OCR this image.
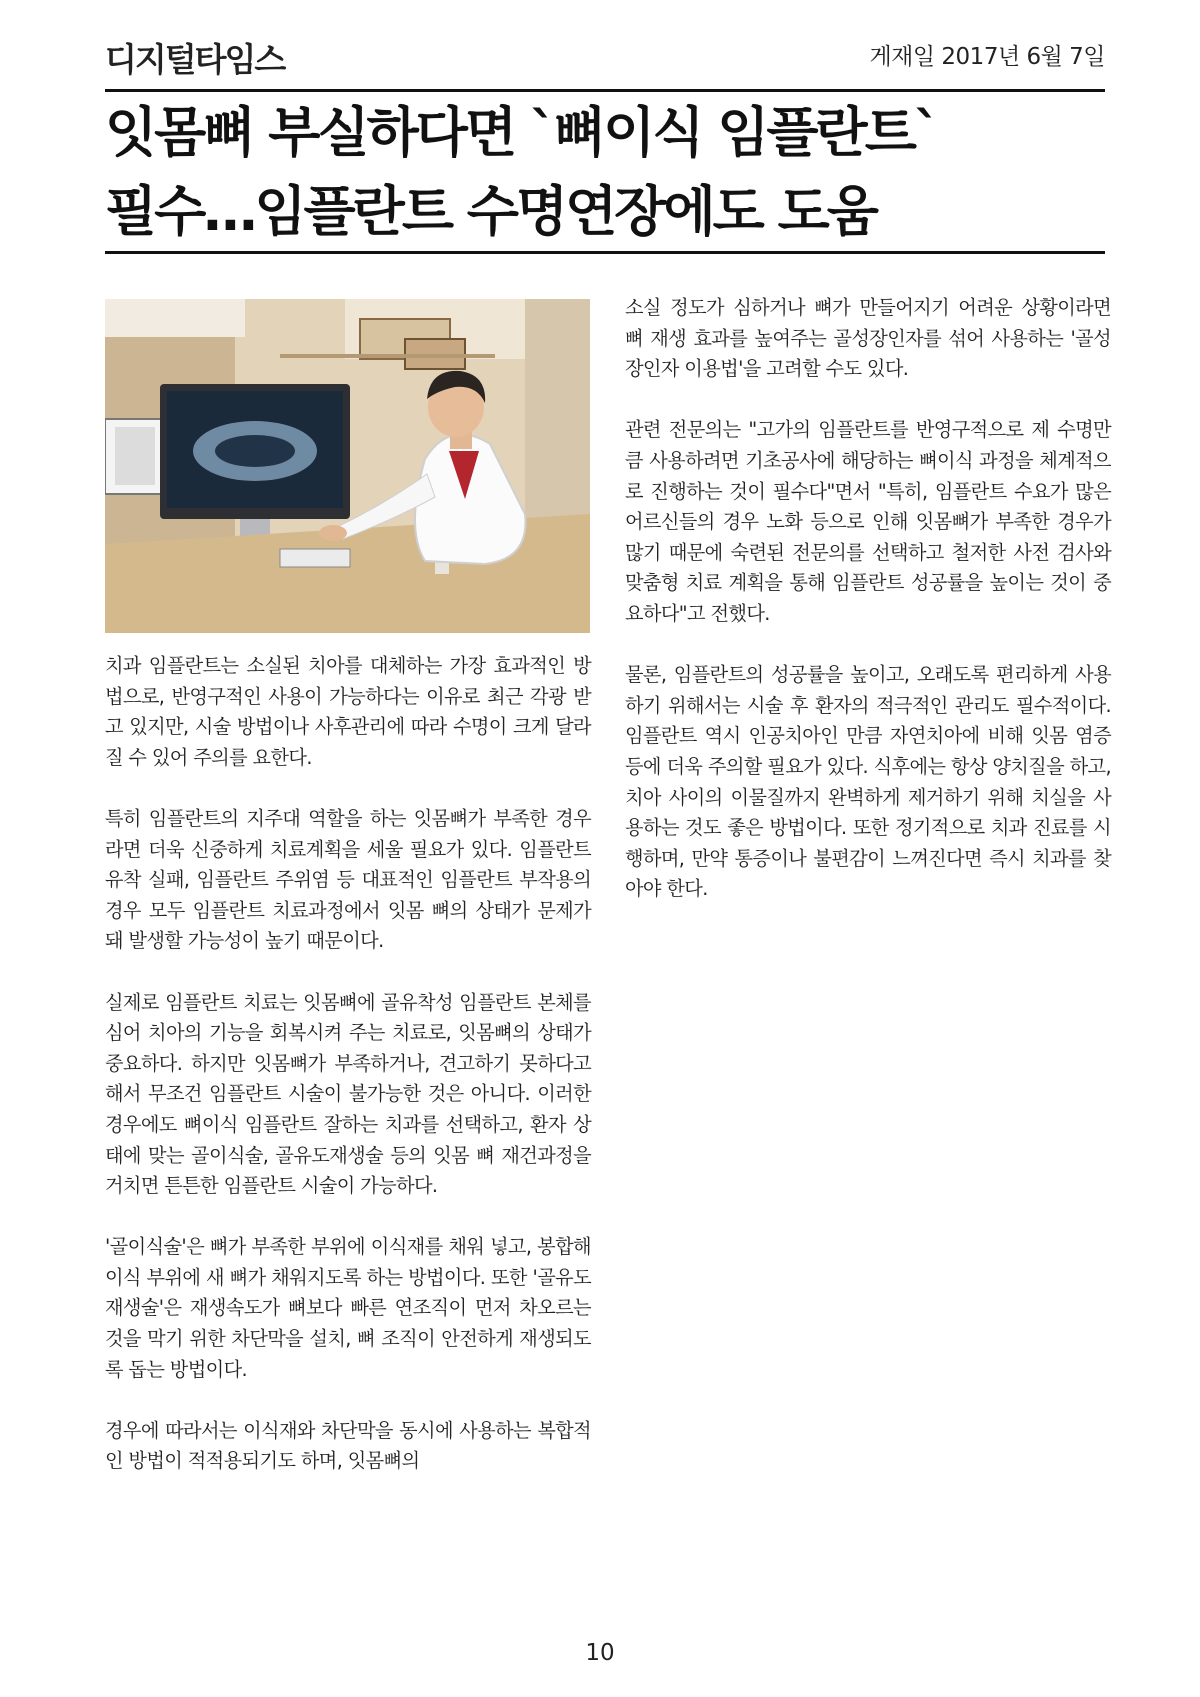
디지털타임스	게재일 2017년 6월 7일
잇몸뼈 부실하다면 `뼈이식 임플란트`
필수…임플란트 수명연장에도 도움

치과 임플란트는 소실된 치아를 대체하는 가장 효과적인 방법으로, 반영구적인 사용이 가능하다는 이유로 최근 각광 받고 있지만, 시술 방법이나 사후관리에 따라 수명이 크게 달라질 수 있어 주의를 요한다.

특히 임플란트의 지주대 역할을 하는 잇몸뼈가 부족한 경우라면 더욱 신중하게 치료계획을 세울 필요가 있다. 임플란트 유착 실패, 임플란트 주위염 등 대표적인 임플란트 부작용의 경우 모두 임플란트 치료과정에서 잇몸 뼈의 상태가 문제가 돼 발생할 가능성이 높기 때문이다.

실제로 임플란트 치료는 잇몸뼈에 골유착성 임플란트 본체를 심어 치아의 기능을 회복시켜 주는 치료로, 잇몸뼈의 상태가 중요하다. 하지만 잇몸뼈가 부족하거나, 견고하기 못하다고 해서 무조건 임플란트 시술이 불가능한 것은 아니다. 이러한 경우에도 뼈이식 임플란트 잘하는 치과를 선택하고, 환자 상태에 맞는 골이식술, 골유도재생술 등의 잇몸 뼈 재건과정을 거치면 튼튼한 임플란트 시술이 가능하다.

'골이식술'은 뼈가 부족한 부위에 이식재를 채워 넣고, 봉합해 이식 부위에 새 뼈가 채워지도록 하는 방법이다. 또한 '골유도재생술'은 재생속도가 뼈보다 빠른 연조직이 먼저 차오르는 것을 막기 위한 차단막을 설치, 뼈 조직이 안전하게 재생되도록 돕는 방법이다.

경우에 따라서는 이식재와 차단막을 동시에 사용하는 복합적인 방법이 적적용되기도 하며, 잇몸뼈의

소실 정도가 심하거나 뼈가 만들어지기 어려운 상황이라면 뼈 재생 효과를 높여주는 골성장인자를 섞어 사용하는 '골성장인자 이용법'을 고려할 수도 있다.

관련 전문의는 "고가의 임플란트를 반영구적으로 제 수명만큼 사용하려면 기초공사에 해당하는 뼈이식 과정을 체계적으로 진행하는 것이 필수다"면서 "특히, 임플란트 수요가 많은 어르신들의 경우 노화 등으로 인해 잇몸뼈가 부족한 경우가 많기 때문에 숙련된 전문의를 선택하고 철저한 사전 검사와 맞춤형 치료 계획을 통해 임플란트 성공률을 높이는 것이 중요하다"고 전했다.

물론, 임플란트의 성공률을 높이고, 오래도록 편리하게 사용하기 위해서는 시술 후 환자의 적극적인 관리도 필수적이다. 임플란트 역시 인공치아인 만큼 자연치아에 비해 잇몸 염증 등에 더욱 주의할 필요가 있다. 식후에는 항상 양치질을 하고, 치아 사이의 이물질까지 완벽하게 제거하기 위해 치실을 사용하는 것도 좋은 방법이다. 또한 정기적으로 치과 진료를 시행하며, 만약 통증이나 불편감이 느껴진다면 즉시 치과를 찾아야 한다.

10
